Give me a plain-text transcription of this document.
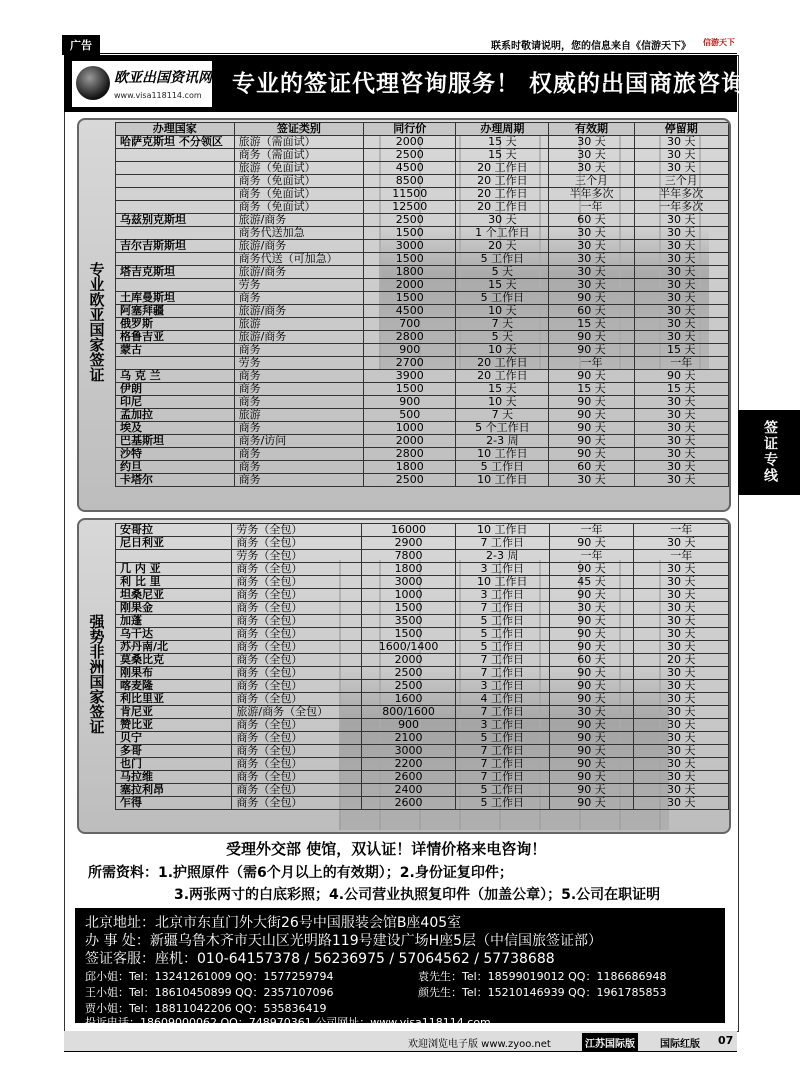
广告	联系时敬请说明，您的信息来自《信游天下》 信游天下
欧亚出国资讯网
www.visa118114.com 专业的签证代理咨询服务！ 权威的出国商旅咨询服务
签证专线
专业欧亚国家签证
办理国家	签证类别	同行价	办理周期	有效期	停留期
哈萨克斯坦 不分领区	旅游（需面试）	2000	15 天	30 天	30 天
	商务（需面试）	2500	15 天	30 天	30 天
	旅游（免面试）	4500	20 工作日	30 天	30 天
	商务（免面试）	8500	20 工作日	三个月	三个月
	商务（免面试）	11500	20 工作日	半年多次	半年多次
	商务（免面试）	12500	20 工作日	一年	一年多次
乌兹别克斯坦	旅游/商务	2500	30 天	60 天	30 天
	商务代送加急	1500	1 个工作日	30 天	30 天
吉尔吉斯斯坦	旅游/商务	3000	20 天	30 天	30 天
	商务代送（可加急）	1500	5 工作日	30 天	30 天
塔吉克斯坦	旅游/商务	1800	5 天	30 天	30 天
	劳务	2000	15 天	30 天	30 天
土库曼斯坦	商务	1500	5 工作日	90 天	30 天
阿塞拜疆	旅游/商务	4500	10 天	60 天	30 天
俄罗斯	旅游	700	7 天	15 天	30 天
格鲁吉亚	旅游/商务	2800	5 天	90 天	30 天
蒙古	商务	900	10 天	90 天	15 天
	劳务	2700	20 工作日	一年	一年
乌 克 兰	商务	3900	20 工作日	90 天	90 天
伊朗	商务	1500	15 天	15 天	15 天
印尼	商务	900	10 天	90 天	30 天
孟加拉	旅游	500	7 天	90 天	30 天
埃及	商务	1000	5 个工作日	90 天	30 天
巴基斯坦	商务/访问	2000	2-3 周	90 天	30 天
沙特	商务	2800	10 工作日	90 天	30 天
约旦	商务	1800	5 工作日	60 天	30 天
卡塔尔	商务	2500	10 工作日	30 天	30 天
强势非洲国家签证
安哥拉	劳务（全包）	16000	10 工作日	一年	一年
尼日利亚	商务（全包）	2900	7 工作日	90 天	30 天
	劳务（全包）	7800	2-3 周	一年	一年
几 内 亚	商务（全包）	1800	3 工作日	90 天	30 天
利 比 里	商务（全包）	3000	10 工作日	45 天	30 天
坦桑尼亚	商务（全包）	1000	3 工作日	90 天	30 天
刚果金	商务（全包）	1500	7 工作日	30 天	30 天
加蓬	商务（全包）	3500	5 工作日	90 天	30 天
乌干达	商务（全包）	1500	5 工作日	90 天	30 天
苏丹南/北	商务（全包）	1600/1400	5 工作日	90 天	30 天
莫桑比克	商务（全包）	2000	7 工作日	60 天	20 天
刚果布	商务（全包）	2500	7 工作日	90 天	30 天
喀麦隆	商务（全包）	2500	3 工作日	90 天	30 天
利比里亚	商务（全包）	1600	4 工作日	90 天	30 天
肯尼亚	旅游/商务（全包）	800/1600	7 工作日	30 天	30 天
赞比亚	商务（全包）	900	3 工作日	90 天	30 天
贝宁	商务（全包）	2100	5 工作日	90 天	30 天
多哥	商务（全包）	3000	7 工作日	90 天	30 天
也门	商务（全包）	2200	7 工作日	90 天	30 天
马拉维	商务（全包）	2600	7 工作日	90 天	30 天
塞拉利昂	商务（全包）	2400	5 工作日	90 天	30 天
乍得	商务（全包）	2600	5 工作日	90 天	30 天
受理外交部 使馆，双认证！详情价格来电咨询！
所需资料：1.护照原件（需6个月以上的有效期）；2.身份证复印件；
3.两张两寸的白底彩照；4.公司营业执照复印件（加盖公章）；5.公司在职证明
北京地址：北京市东直门外大街26号中国服装会馆B座405室
办 事 处：新疆乌鲁木齐市天山区光明路119号建设广场H座5层（中信国旅签证部）
签证客服：座机：010-64157378 / 56236975 / 57064562 / 57738688
邱小姐：Tel：13241261009 QQ：1577259794	袁先生：Tel：18599019012 QQ：1186686948
王小姐：Tel：18610450899 QQ：2357107096	颜先生：Tel：15210146939 QQ：1961785853
贾小姐：Tel：18811042206 QQ：535836419
投诉电话：18609000062 QQ：748970361 公司网址：www.visa118114.com
欢迎浏览电子版 www.zyoo.net	江苏国际版	国际红版 07
